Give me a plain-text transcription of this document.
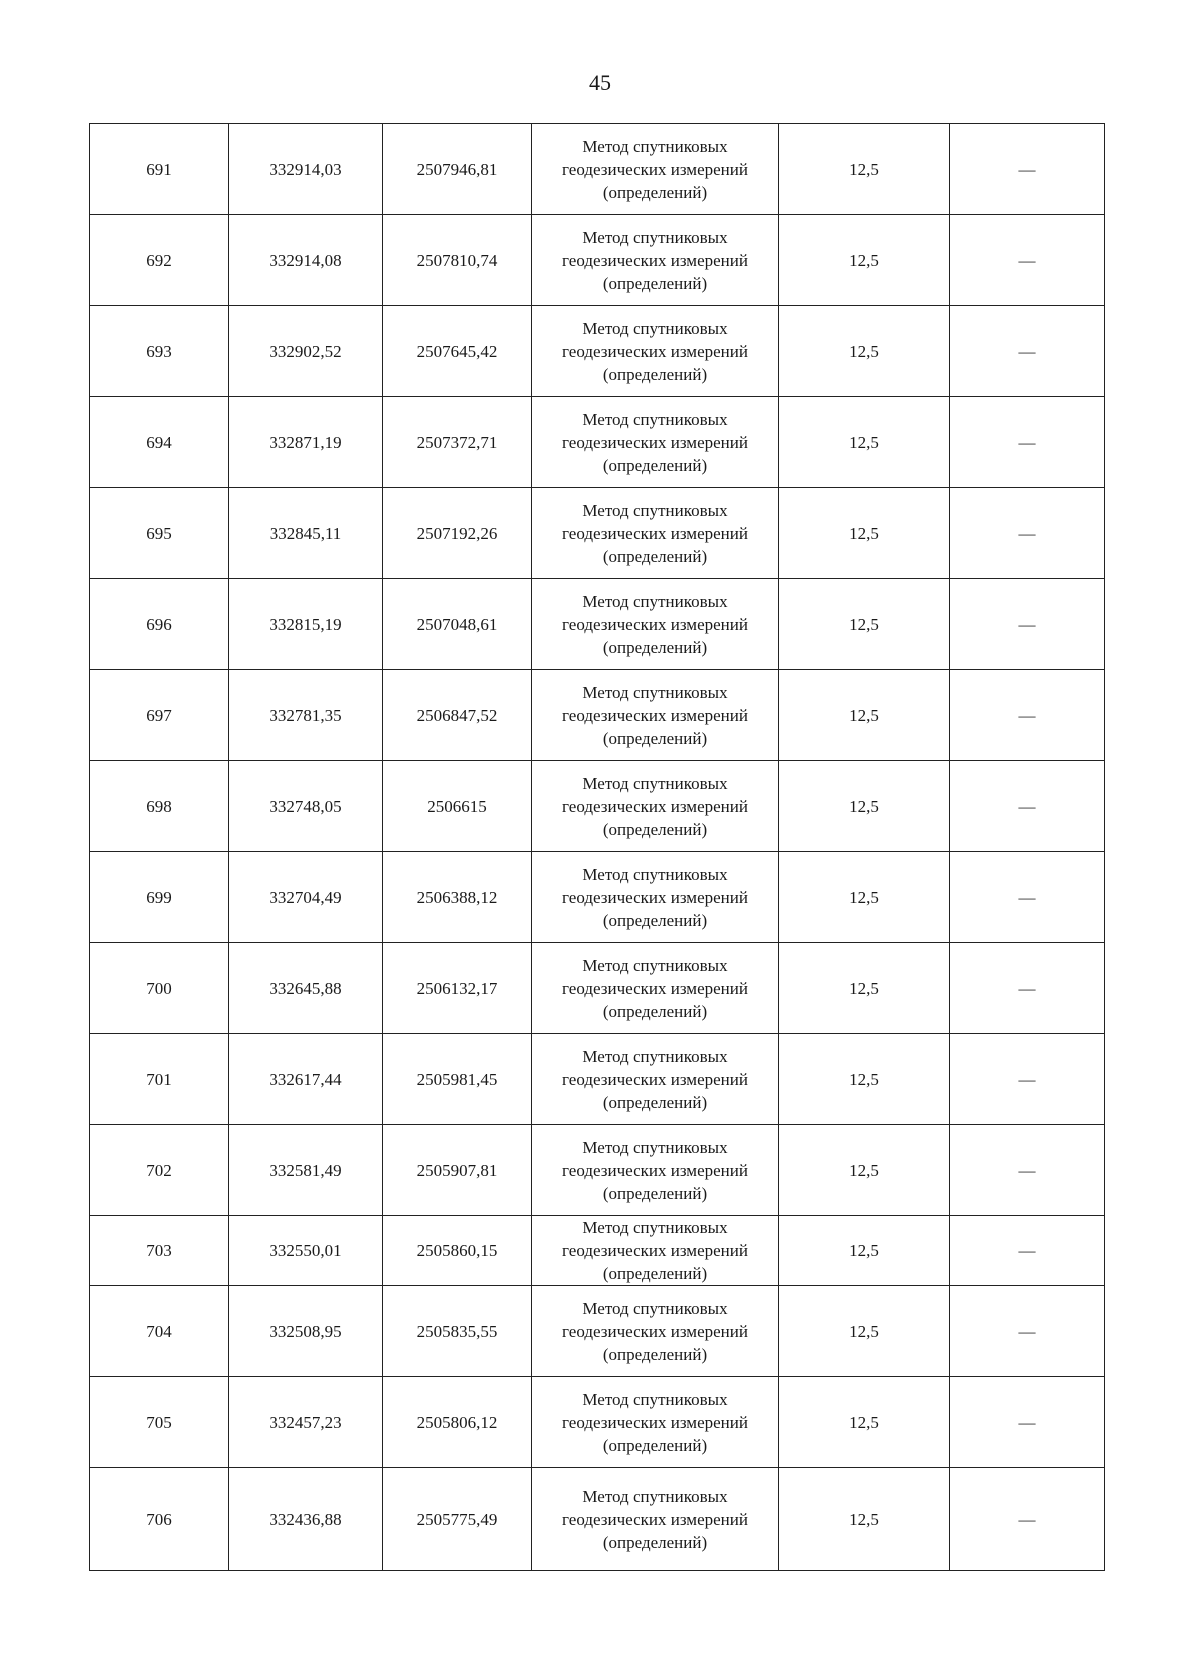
45
691	332914,03	2507946,81	Метод спутниковых
геодезических измерений
(определений)	12,5	—
692	332914,08	2507810,74	Метод спутниковых
геодезических измерений
(определений)	12,5	—
693	332902,52	2507645,42	Метод спутниковых
геодезических измерений
(определений)	12,5	—
694	332871,19	2507372,71	Метод спутниковых
геодезических измерений
(определений)	12,5	—
695	332845,11	2507192,26	Метод спутниковых
геодезических измерений
(определений)	12,5	—
696	332815,19	2507048,61	Метод спутниковых
геодезических измерений
(определений)	12,5	—
697	332781,35	2506847,52	Метод спутниковых
геодезических измерений
(определений)	12,5	—
698	332748,05	2506615	Метод спутниковых
геодезических измерений
(определений)	12,5	—
699	332704,49	2506388,12	Метод спутниковых
геодезических измерений
(определений)	12,5	—
700	332645,88	2506132,17	Метод спутниковых
геодезических измерений
(определений)	12,5	—
701	332617,44	2505981,45	Метод спутниковых
геодезических измерений
(определений)	12,5	—
702	332581,49	2505907,81	Метод спутниковых
геодезических измерений
(определений)	12,5	—
703	332550,01	2505860,15	Метод спутниковых
геодезических измерений
(определений)	12,5	—
704	332508,95	2505835,55	Метод спутниковых
геодезических измерений
(определений)	12,5	—
705	332457,23	2505806,12	Метод спутниковых
геодезических измерений
(определений)	12,5	—
706	332436,88	2505775,49	Метод спутниковых
геодезических измерений
(определений)	12,5	—
